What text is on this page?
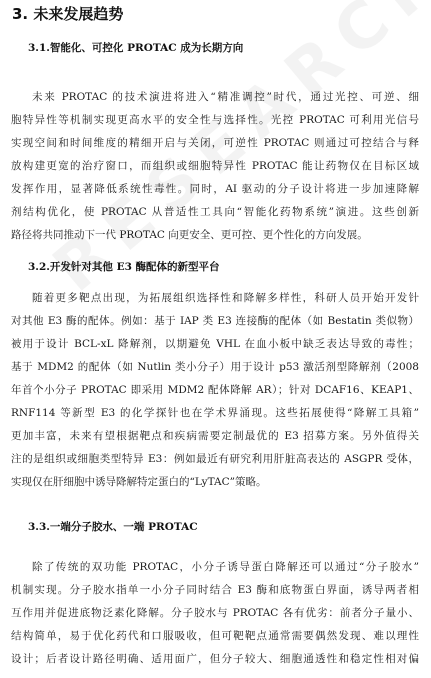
3. 未来发展趋势
3.1.智能化、可控化 PROTAC 成为长期方向
未来 PROTAC 的技术演进将进入“精准调控”时代，通过光控、可逆、细
胞特异性等机制实现更高水平的安全性与选择性。光控 PROTAC 可利用光信号
实现空间和时间维度的精细开启与关闭，可逆性 PROTAC 则通过可控结合与释
放构建更宽的治疗窗口，而组织或细胞特异性 PROTAC 能让药物仅在目标区域
发挥作用，显著降低系统性毒性。同时，AI 驱动的分子设计将进一步加速降解
剂结构优化，使 PROTAC 从普适性工具向“智能化药物系统”演进。这些创新
路径将共同推动下一代 PROTAC 向更安全、更可控、更个性化的方向发展。
3.2.开发针对其他 E3 酶配体的新型平台
随着更多靶点出现，为拓展组织选择性和降解多样性，科研人员开始开发针
对其他 E3 酶的配体。例如：基于 IAP 类 E3 连接酶的配体（如 Bestatin 类似物）
被用于设计 BCL-xL 降解剂，以期避免 VHL 在血小板中缺乏表达导致的毒性；
基于 MDM2 的配体（如 Nutlin 类小分子）用于设计 p53 激活剂型降解剂（2008
年首个小分子 PROTAC 即采用 MDM2 配体降解 AR）；针对 DCAF16、KEAP1、
RNF114 等新型 E3 的化学探针也在学术界涌现。这些拓展使得“降解工具箱”
更加丰富，未来有望根据靶点和疾病需要定制最优的 E3 招募方案。另外值得关
注的是组织或细胞类型特异 E3：例如最近有研究利用肝脏高表达的 ASGPR 受体，
实现仅在肝细胞中诱导降解特定蛋白的“LyTAC”策略。
3.3.一端分子胶水、一端 PROTAC
除了传统的双功能 PROTAC，小分子诱导蛋白降解还可以通过“分子胶水”
机制实现。分子胶水指单一小分子同时结合 E3 酶和底物蛋白界面，诱导两者相
互作用并促进底物泛素化降解。分子胶水与 PROTAC 各有优劣：前者分子量小、
结构简单，易于优化药代和口服吸收，但可靶靶点通常需要偶然发现、难以理性
设计；后者设计路径明确、适用面广，但分子较大、细胞通透性和稳定性相对偏
